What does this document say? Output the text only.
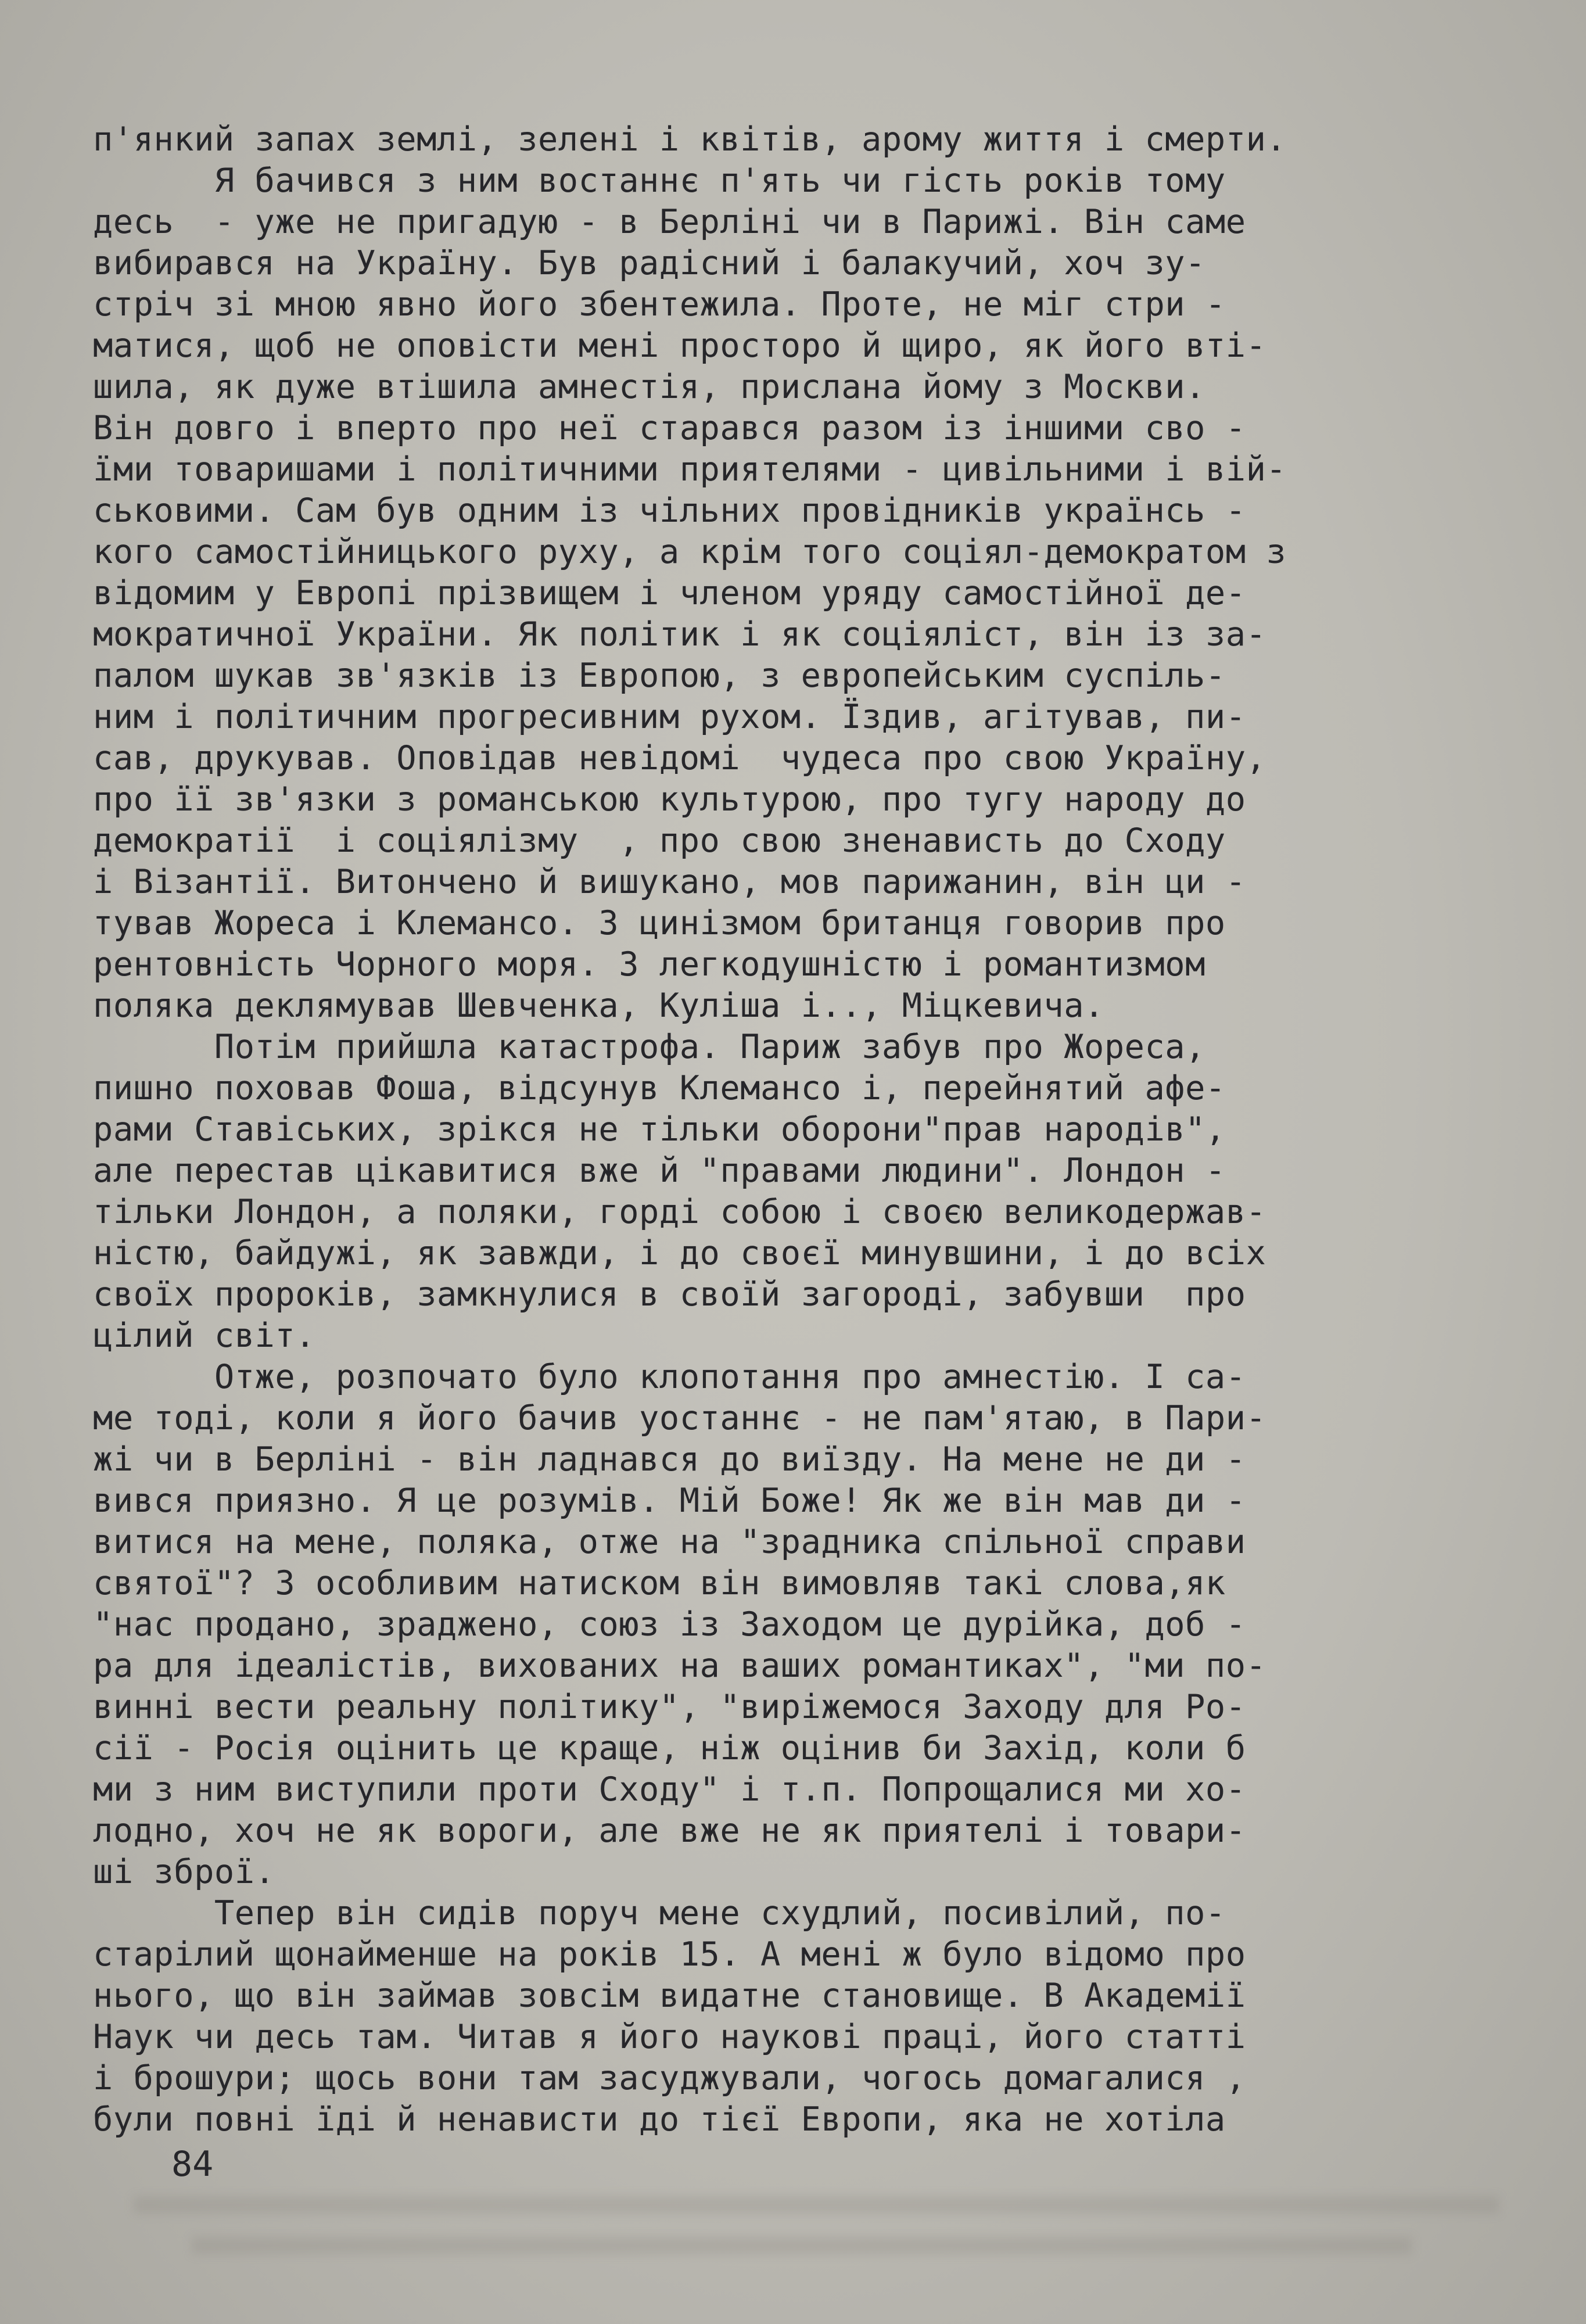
п'янкий запах землі, зелені і квітів, арому життя і смерти.
Я бачився з ним востаннє п'ять чи гість років тому
десь  - уже не пригадую - в Берліні чи в Парижі. Він саме
вибирався на Україну. Був радісний і балакучий, хоч зу-
стріч зі мною явно його збентежила. Проте, не міг стри -
матися, щоб не оповісти мені просторо й щиро, як його вті-
шила, як дуже втішила амнестія, прислана йому з Москви.
Він довго і вперто про неї старався разом із іншими сво -
їми товаришами і політичними приятелями - цивільними і вій-
ськовими. Сам був одним із чільних провідників українсь -
кого самостійницького руху, а крім того соціял-демократом з
відомим у Европі прізвищем і членом уряду самостійної де-
мократичної України. Як політик і як соціяліст, він із за-
палом шукав зв'язків із Европою, з европейським суспіль-
ним і політичним прогресивним рухом. Їздив, агітував, пи-
сав, друкував. Оповідав невідомі  чудеса про свою Україну,
про її зв'язки з романською культурою, про тугу народу до
демократії  і соціялізму  , про свою зненависть до Сходу
і Візантії. Витончено й вишукано, мов парижанин, він ци -
тував Жореса і Клемансо. З цинізмом британця говорив про
рентовність Чорного моря. З легкодушністю і романтизмом
поляка деклямував Шевченка, Куліша і.., Міцкевича.
Потім прийшла катастрофа. Париж забув про Жореса,
пишно поховав Фоша, відсунув Клемансо і, перейнятий афе-
рами Ставіських, зрікся не тільки оборони"прав народів",
але перестав цікавитися вже й "правами людини". Лондон -
тільки Лондон, а поляки, горді собою і своєю великодержав-
ністю, байдужі, як завжди, і до своєї минувшини, і до всіх
своїх пророків, замкнулися в своїй загороді, забувши  про
цілий світ.
Отже, розпочато було клопотання про амнестію. І са-
ме тоді, коли я його бачив уостаннє - не пам'ятаю, в Пари-
жі чи в Берліні - він ладнався до виїзду. На мене не ди -
вився приязно. Я це розумів. Мій Боже! Як же він мав ди -
витися на мене, поляка, отже на "зрадника спільної справи
святої"? З особливим натиском він вимовляв такі слова,як
"нас продано, зраджено, союз із Заходом це дурійка, доб -
ра для ідеалістів, вихованих на ваших романтиках", "ми по-
винні вести реальну політику", "виріжемося Заходу для Ро-
сії - Росія оцінить це краще, ніж оцінив би Захід, коли б
ми з ним виступили проти Сходу" і т.п. Попрощалися ми хо-
лодно, хоч не як вороги, але вже не як приятелі і товари-
ші зброї.
Тепер він сидів поруч мене схудлий, посивілий, по-
старілий щонайменше на років 15. А мені ж було відомо про
нього, що він займав зовсім видатне становище. В Академії
Наук чи десь там. Читав я його наукові праці, його статті
і брошури; щось вони там засуджували, чогось домагалися ,
були повні їді й ненависти до тієї Европи, яка не хотіла
84
